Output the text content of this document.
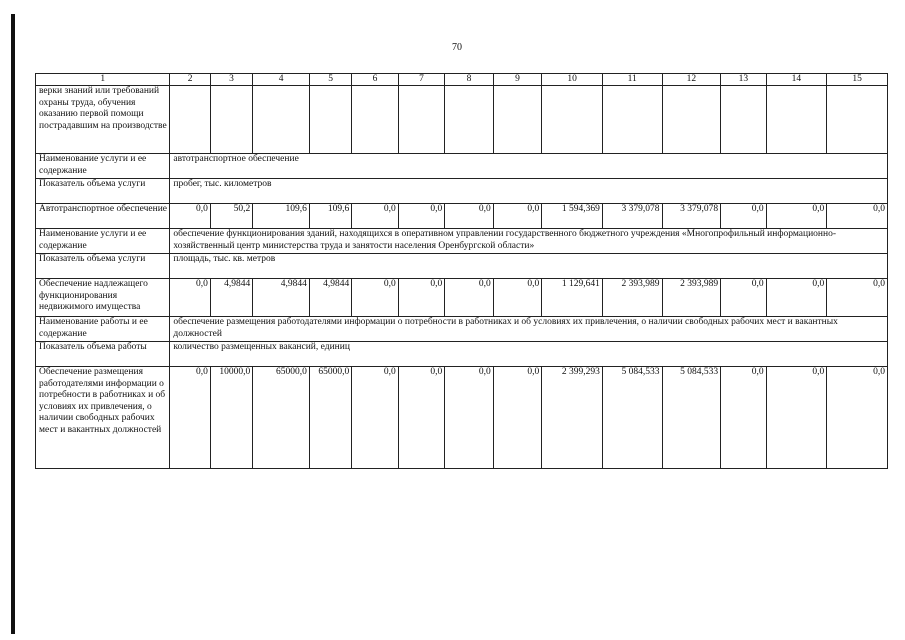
70
1	2	3	4	5	6	7	8	9	10	11	12	13	14	15
верки знаний или требований охраны труда, обучения оказанию первой помощи пострадавшим на производстве														
Наименование услуги и ее содержание	автотранспортное обеспечение													
Показатель объема услуги	пробег, тыс. километров													
Автотранспортное обеспечение	0,0	50,2	109,6	109,6	0,0	0,0	0,0	0,0	1 594,369	3 379,078	3 379,078	0,0	0,0	0,0
Наименование услуги и ее содержание	обеспечение функционирования зданий, находящихся в оперативном управлении государственного бюджетного учреждения «Многопрофильный информационно-хозяйственный центр министерства труда и занятости населения Оренбургской области»													
Показатель объема услуги	площадь, тыс. кв. метров													
Обеспечение надлежащего функционирования недвижимого имущества	0,0	4,9844	4,9844	4,9844	0,0	0,0	0,0	0,0	1 129,641	2 393,989	2 393,989	0,0	0,0	0,0
Наименование работы и ее содержание	обеспечение размещения работодателями информации о потребности в работниках и об условиях их привлечения, о наличии свободных рабочих мест и вакантных должностей													
Показатель объема работы	количество размещенных вакансий, единиц													
Обеспечение размещения работодателями информации о потребности в работниках и об условиях их привлечения, о наличии свободных рабочих мест и вакантных должностей	0,0	10000,0	65000,0	65000,0	0,0	0,0	0,0	0,0	2 399,293	5 084,533	5 084,533	0,0	0,0	0,0
